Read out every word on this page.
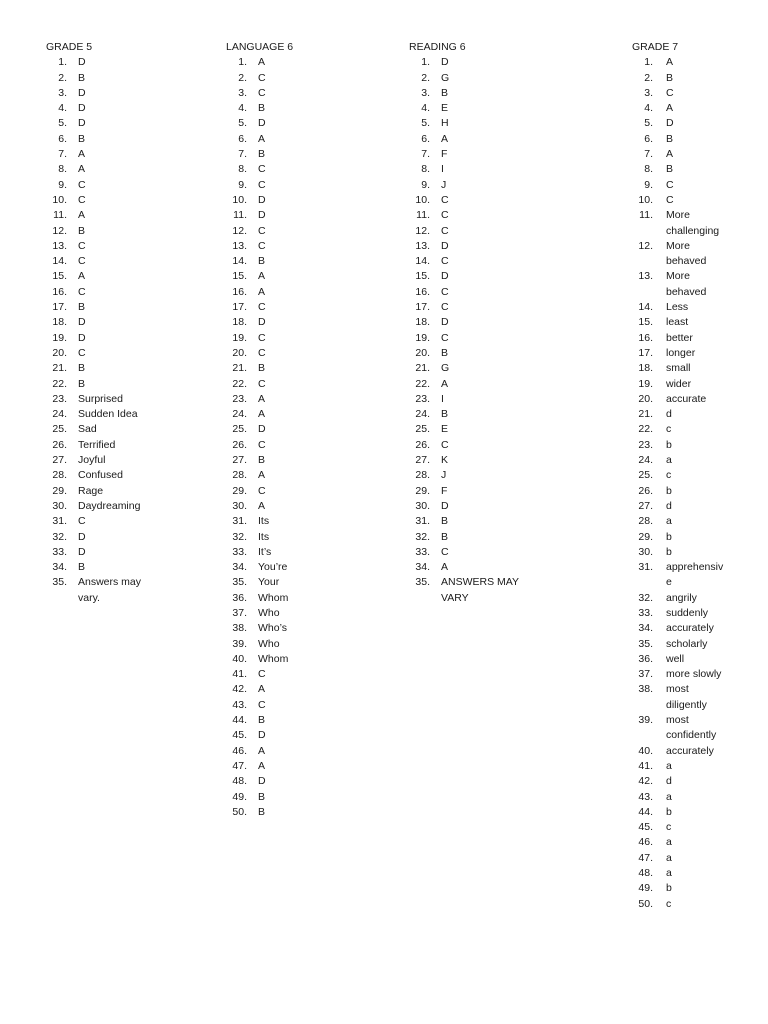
GRADE 5
1. D
2. B
3. D
4. D
5. D
6. B
7. A
8. A
9. C
10. C
11. A
12. B
13. C
14. C
15. A
16. C
17. B
18. D
19. D
20. C
21. B
22. B
23. Surprised
24. Sudden Idea
25. Sad
26. Terrified
27. Joyful
28. Confused
29. Rage
30. Daydreaming
31. C
32. D
33. D
34. B
35. Answers may
vary.
LANGUAGE 6
1. A
2. C
3. C
4. B
5. D
6. A
7. B
8. C
9. C
10. D
11. D
12. C
13. C
14. B
15. A
16. A
17. C
18. D
19. C
20. C
21. B
22. C
23. A
24. A
25. D
26. C
27. B
28. A
29. C
30. A
31. Its
32. Its
33. It’s
34. You’re
35. Your
36. Whom
37. Who
38. Who’s
39. Who
40. Whom
41. C
42. A
43. C
44. B
45. D
46. A
47. A
48. D
49. B
50. B
READING 6
1. D
2. G
3. B
4. E
5. H
6. A
7. F
8. I
9. J
10. C
11. C
12. C
13. D
14. C
15. D
16. C
17. C
18. D
19. C
20. B
21. G
22. A
23. I
24. B
25. E
26. C
27. K
28. J
29. F
30. D
31. B
32. B
33. C
34. A
35. ANSWERS MAY
VARY
GRADE 7
1. A
2. B
3. C
4. A
5. D
6. B
7. A
8. B
9. C
10. C
11. More
challenging
12. More
behaved
13. More
behaved
14. Less
15. least
16. better
17. longer
18. small
19. wider
20. accurate
21. d
22. c
23. b
24. a
25. c
26. b
27. d
28. a
29. b
30. b
31. apprehensiv
e
32. angrily
33. suddenly
34. accurately
35. scholarly
36. well
37. more slowly
38. most
diligently
39. most
confidently
40. accurately
41. a
42. d
43. a
44. b
45. c
46. a
47. a
48. a
49. b
50. c
